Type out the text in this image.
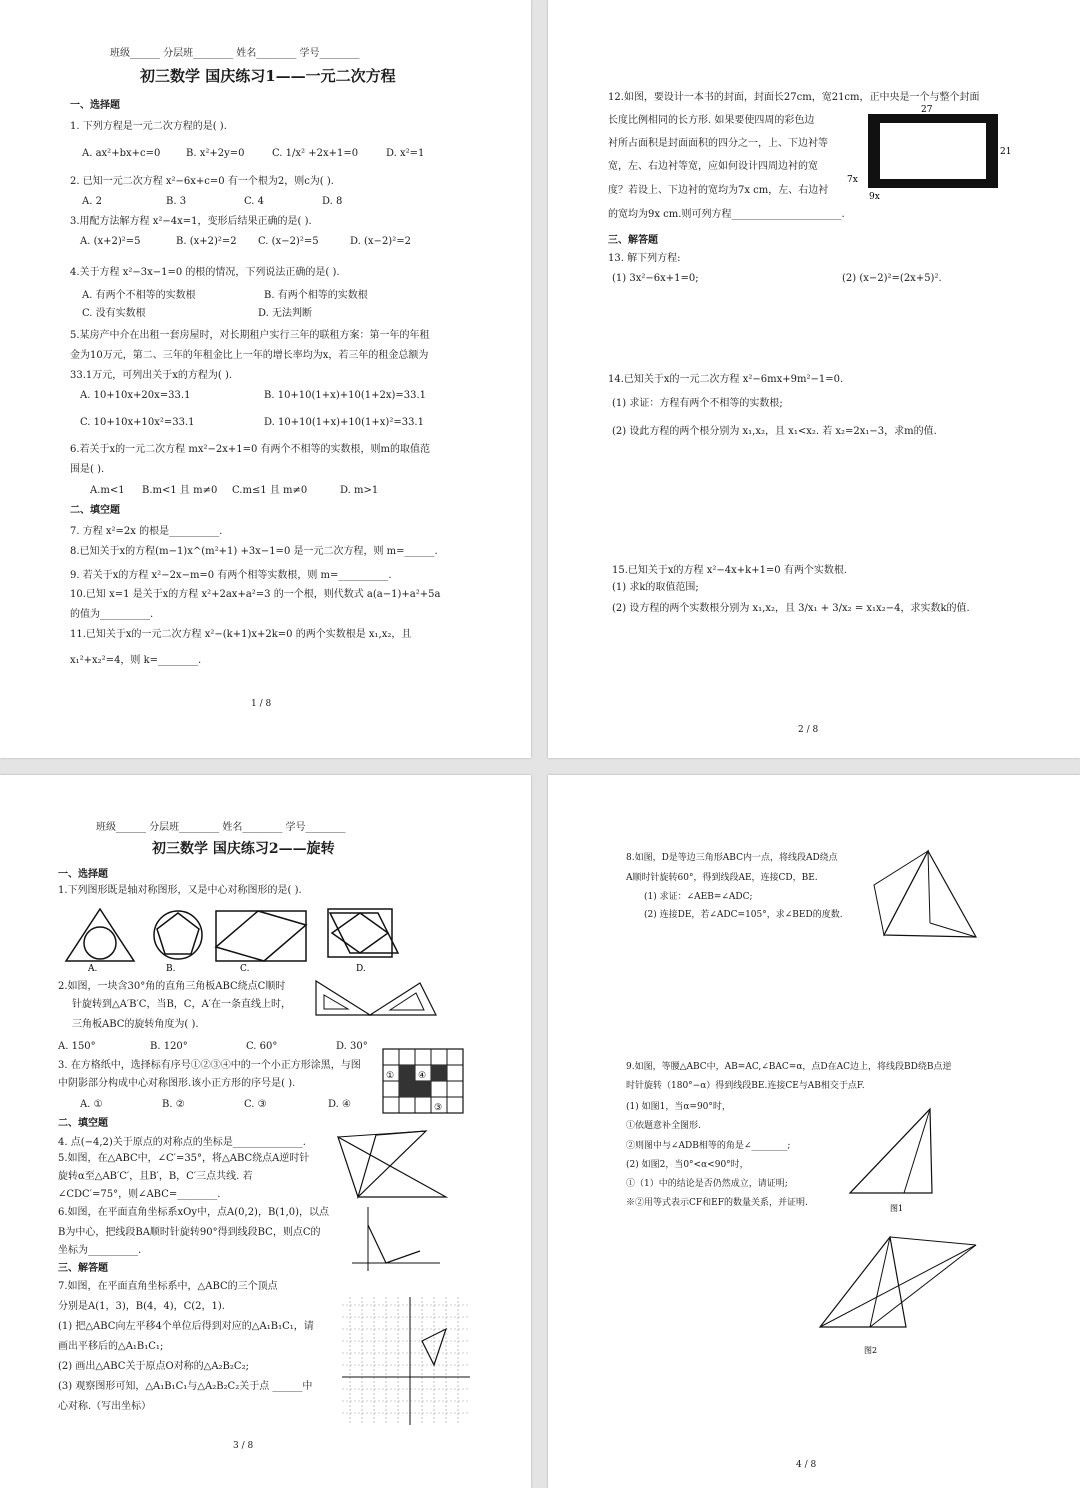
班级______ 分层班________ 姓名________ 学号________
初三数学 国庆练习1——一元二次方程
一、选择题
1. 下列方程是一元二次方程的是( ).
A. ax²+bx+c=0	B. x²+2y=0	C. 1/x² +2x+1=0	D. x²=1
2. 已知一元二次方程 x²−6x+c=0 有一个根为2，则c为( ).
A. 2	B. 3	C. 4	D. 8
3.用配方法解方程 x²−4x=1，变形后结果正确的是( ).
A. (x+2)²=5	B. (x+2)²=2 C. (x−2)²=5	D. (x−2)²=2
4.关于方程 x²−3x−1=0 的根的情况，下列说法正确的是( ).
A. 有两个不相等的实数根	B. 有两个相等的实数根
C. 没有实数根	D. 无法判断
5.某房产中介在出租一套房屋时，对长期租户实行三年的联租方案：第一年的年租
金为10万元，第二、三年的年租金比上一年的增长率均为x，若三年的租金总额为
33.1万元，可列出关于x的方程为( ).
A. 10+10x+20x=33.1	B. 10+10(1+x)+10(1+2x)=33.1
C. 10+10x+10x²=33.1	D. 10+10(1+x)+10(1+x)²=33.1
6.若关于x的一元二次方程 mx²−2x+1=0 有两个不相等的实数根，则m的取值范
围是( ).
A.m<1 B.m<1 且 m≠0 C.m≤1 且 m≠0	D. m>1
二、填空题
7. 方程 x²=2x 的根是__________.
8.已知关于x的方程(m−1)x^(m²+1) +3x−1=0 是一元二次方程，则 m=______.
9. 若关于x的方程 x²−2x−m=0 有两个相等实数根，则 m=__________.
10.已知 x=1 是关于x的方程 x²+2ax+a²=3 的一个根，则代数式 a(a−1)+a²+5a
的值为__________.
11.已知关于x的一元二次方程 x²−(k+1)x+2k=0 的两个实数根是 x₁,x₂，且
x₁²+x₂²=4，则 k=________.
1 / 8
12.如图，要设计一本书的封面，封面长27cm，宽21cm，正中央是一个与整个封面
长度比例相同的长方形. 如果要使四周的彩色边
衬所占面积是封面面积的四分之一，上、下边衬等
宽，左、右边衬等宽，应如何设计四周边衬的宽
度？若设上、下边衬的宽均为7x cm，左、右边衬
的宽均为9x cm.则可列方程______________________.
27
21
7x
9x
三、解答题
13. 解下列方程:
(1) 3x²−6x+1=0;	(2) (x−2)²=(2x+5)².
14.已知关于x的一元二次方程 x²−6mx+9m²−1=0.
(1) 求证：方程有两个不相等的实数根;
(2) 设此方程的两个根分别为 x₁,x₂，且 x₁<x₂. 若 x₂=2x₁−3，求m的值.
15.已知关于x的方程 x²−4x+k+1=0 有两个实数根.
(1) 求k的取值范围;
(2) 设方程的两个实数根分别为 x₁,x₂，且 3/x₁ + 3/x₂ = x₁x₂−4，求实数k的值.
2 / 8
班级______ 分层班________ 姓名________ 学号________
初三数学 国庆练习2——旋转
一、选择题
1.下列图形既是轴对称图形，又是中心对称图形的是( ).
A.	B.	C.	D.
2.如图，一块含30°角的直角三角板ABC绕点C顺时
针旋转到△A′B′C，当B，C，A′在一条直线上时，
三角板ABC的旋转角度为( ).
A. 150°	B. 120°	C. 60°	D. 30°
3. 在方格纸中，选择标有序号①②③④中的一个小正方形涂黑，与图
中阴影部分构成中心对称图形.该小正方形的序号是( ).
①	④
②
③
A. ①	B. ②	C. ③	D. ④
二、填空题
4. 点(−4,2)关于原点的对称点的坐标是______________.
5.如图，在△ABC中，∠C′=35°，将△ABC绕点A逆时针
旋转α至△AB′C′，且B′，B，C′三点共线. 若
∠CDC′=75°，则∠ABC=________.
6.如图，在平面直角坐标系xOy中，点A(0,2)，B(1,0)，以点
B为中心，把线段BA顺时针旋转90°得到线段BC，则点C的
坐标为__________.
三、解答题
7.如图，在平面直角坐标系中，△ABC的三个顶点
分别是A(1，3)，B(4，4)，C(2，1).
(1) 把△ABC向左平移4个单位后得到对应的△A₁B₁C₁，请
画出平移后的△A₁B₁C₁;
(2) 画出△ABC关于原点O对称的△A₂B₂C₂;
(3) 观察图形可知，△A₁B₁C₁与△A₂B₂C₂关于点 ______中
心对称.（写出坐标）
3 / 8
8.如图，D是等边三角形ABC内一点，将线段AD绕点
A顺时针旋转60°，得到线段AE，连接CD，BE.
(1) 求证：∠AEB=∠ADC;
(2) 连接DE，若∠ADC=105°，求∠BED的度数.
9.如图，等腰△ABC中，AB=AC,∠BAC=α，点D在AC边上，将线段BD绕B点逆
时针旋转（180°−α）得到线段BE.连接CE与AB相交于点F.
(1) 如图1，当α=90°时，
①依题意补全图形.
②则图中与∠ADB相等的角是∠________;
(2) 如图2，当0°<α<90°时，
①（1）中的结论是否仍然成立，请证明;
※②用等式表示CF和EF的数量关系，并证明.
图1
图2
4 / 8
